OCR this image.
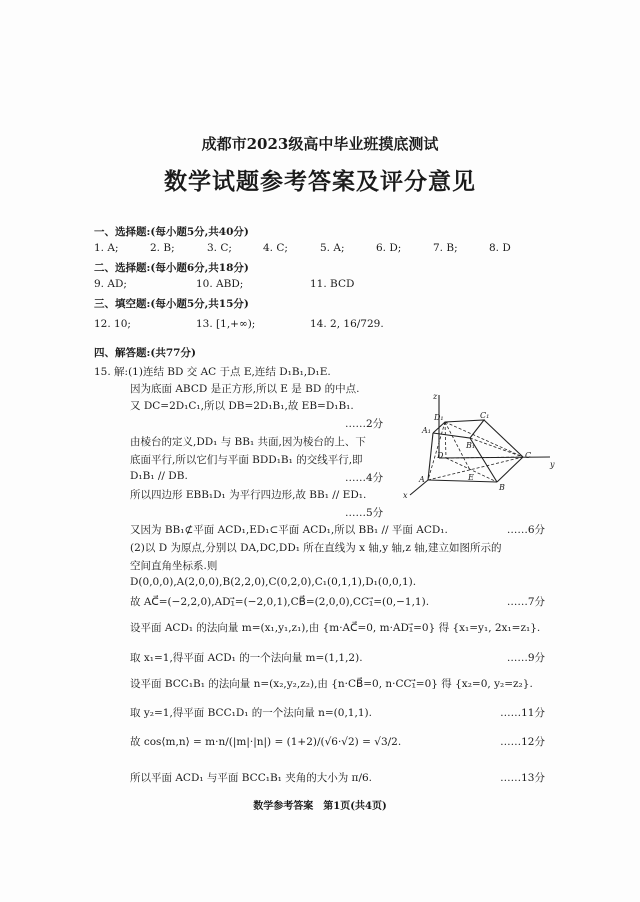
成都市2023级高中毕业班摸底测试
数学试题参考答案及评分意见
一、选择题:(每小题5分,共40分)
1. A;	2. B;	3. C;	4. C;	5. A;	6. D;	7. B;	8. D
二、选择题:(每小题6分,共18分)
9. AD;	10. ABD;	11. BCD
三、填空题:(每小题5分,共15分)
12. 10;	13. [1,+∞);	14. 2, 16/729.
四、解答题:(共77分)
15. 解:(1)连结 BD 交 AC 于点 E,连结 D₁B₁,D₁E.
因为底面 ABCD 是正方形,所以 E 是 BD 的中点.
又 DC=2D₁C₁,所以 DB=2D₁B₁,故 EB=D₁B₁.
……2分
由棱台的定义,DD₁ 与 BB₁ 共面,因为棱台的上、下
底面平行,所以它们与平面 BDD₁B₁ 的交线平行,即
D₁B₁ // DB.	……4分
所以四边形 EBB₁D₁ 为平行四边形,故 BB₁ // ED₁.
……5分
又因为 BB₁⊄平面 ACD₁,ED₁⊂平面 ACD₁,所以 BB₁ // 平面 ACD₁.	……6分
(2)以 D 为原点,分别以 DA,DC,DD₁ 所在直线为 x 轴,y 轴,z 轴,建立如图所示的
空间直角坐标系.则
D(0,0,0),A(2,0,0),B(2,2,0),C(0,2,0),C₁(0,1,1),D₁(0,0,1).
故 AC⃗=(−2,2,0),AD₁⃗=(−2,0,1),CB⃗=(2,0,0),CC₁⃗=(0,−1,1).	……7分
设平面 ACD₁ 的法向量 m=(x₁,y₁,z₁),由 {m·AC⃗=0, m·AD₁⃗=0} 得 {x₁=y₁, 2x₁=z₁}.
取 x₁=1,得平面 ACD₁ 的一个法向量 m=(1,1,2).	……9分
设平面 BCC₁B₁ 的法向量 n=(x₂,y₂,z₂),由 {n·CB⃗=0, n·CC₁⃗=0} 得 {x₂=0, y₂=z₂}.
取 y₂=1,得平面 BCC₁D₁ 的一个法向量 n=(0,1,1).	……11分
故 cos⟨m,n⟩ = m·n/(|m|·|n|) = (1+2)/(√6·√2) = √3/2.	……12分
所以平面 ACD₁ 与平面 BCC₁B₁ 夹角的大小为 π/6.	……13分
z
D₁	C₁
A₁
B₁
D	C
y
E
A
B
x
数学参考答案　第1页(共4页)
